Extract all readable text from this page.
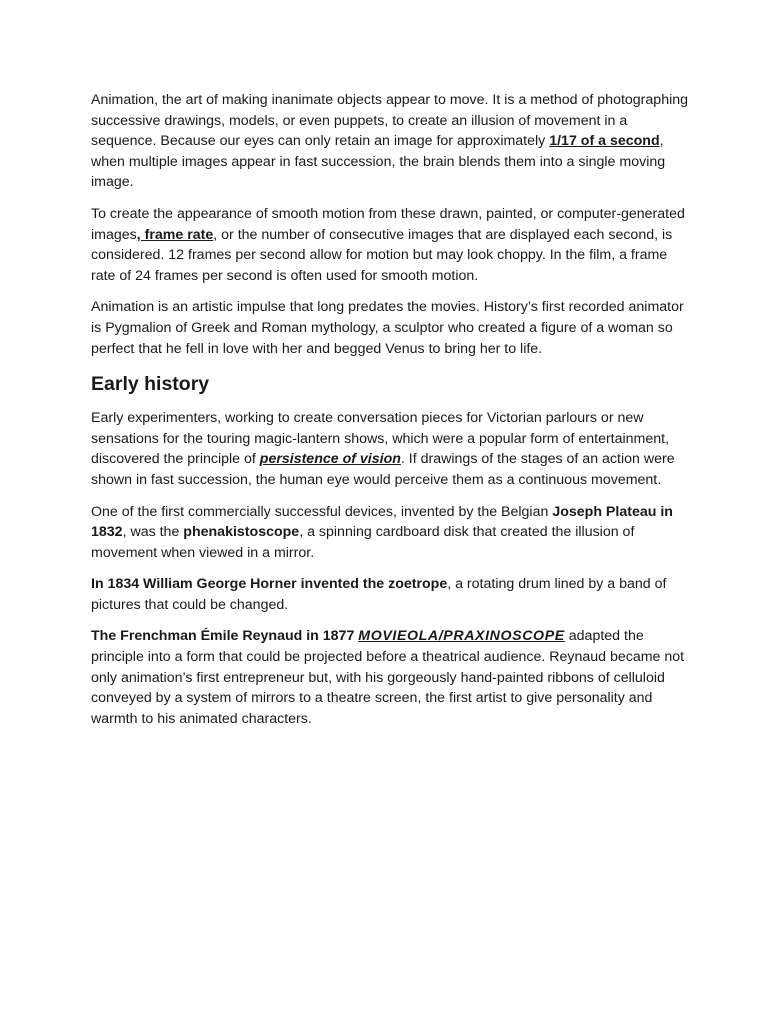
Animation, the art of making inanimate objects appear to move. It is a method of photographing successive drawings, models, or even puppets, to create an illusion of movement in a sequence. Because our eyes can only retain an image for approximately 1/17 of a second, when multiple images appear in fast succession, the brain blends them into a single moving image.

To create the appearance of smooth motion from these drawn, painted, or computer-generated images, frame rate, or the number of consecutive images that are displayed each second, is considered. 12 frames per second allow for motion but may look choppy. In the film, a frame rate of 24 frames per second is often used for smooth motion.

Animation is an artistic impulse that long predates the movies. History’s first recorded animator is Pygmalion of Greek and Roman mythology, a sculptor who created a figure of a woman so perfect that he fell in love with her and begged Venus to bring her to life.

Early history

Early experimenters, working to create conversation pieces for Victorian parlours or new sensations for the touring magic-lantern shows, which were a popular form of entertainment, discovered the principle of persistence of vision. If drawings of the stages of an action were shown in fast succession, the human eye would perceive them as a continuous movement.

One of the first commercially successful devices, invented by the Belgian Joseph Plateau in 1832, was the phenakistoscope, a spinning cardboard disk that created the illusion of movement when viewed in a mirror.

In 1834 William George Horner invented the zoetrope, a rotating drum lined by a band of pictures that could be changed.

The Frenchman Émile Reynaud in 1877 MOVIEOLA/PRAXINOSCOPE adapted the principle into a form that could be projected before a theatrical audience. Reynaud became not only animation’s first entrepreneur but, with his gorgeously hand-painted ribbons of celluloid conveyed by a system of mirrors to a theatre screen, the first artist to give personality and warmth to his animated characters.
